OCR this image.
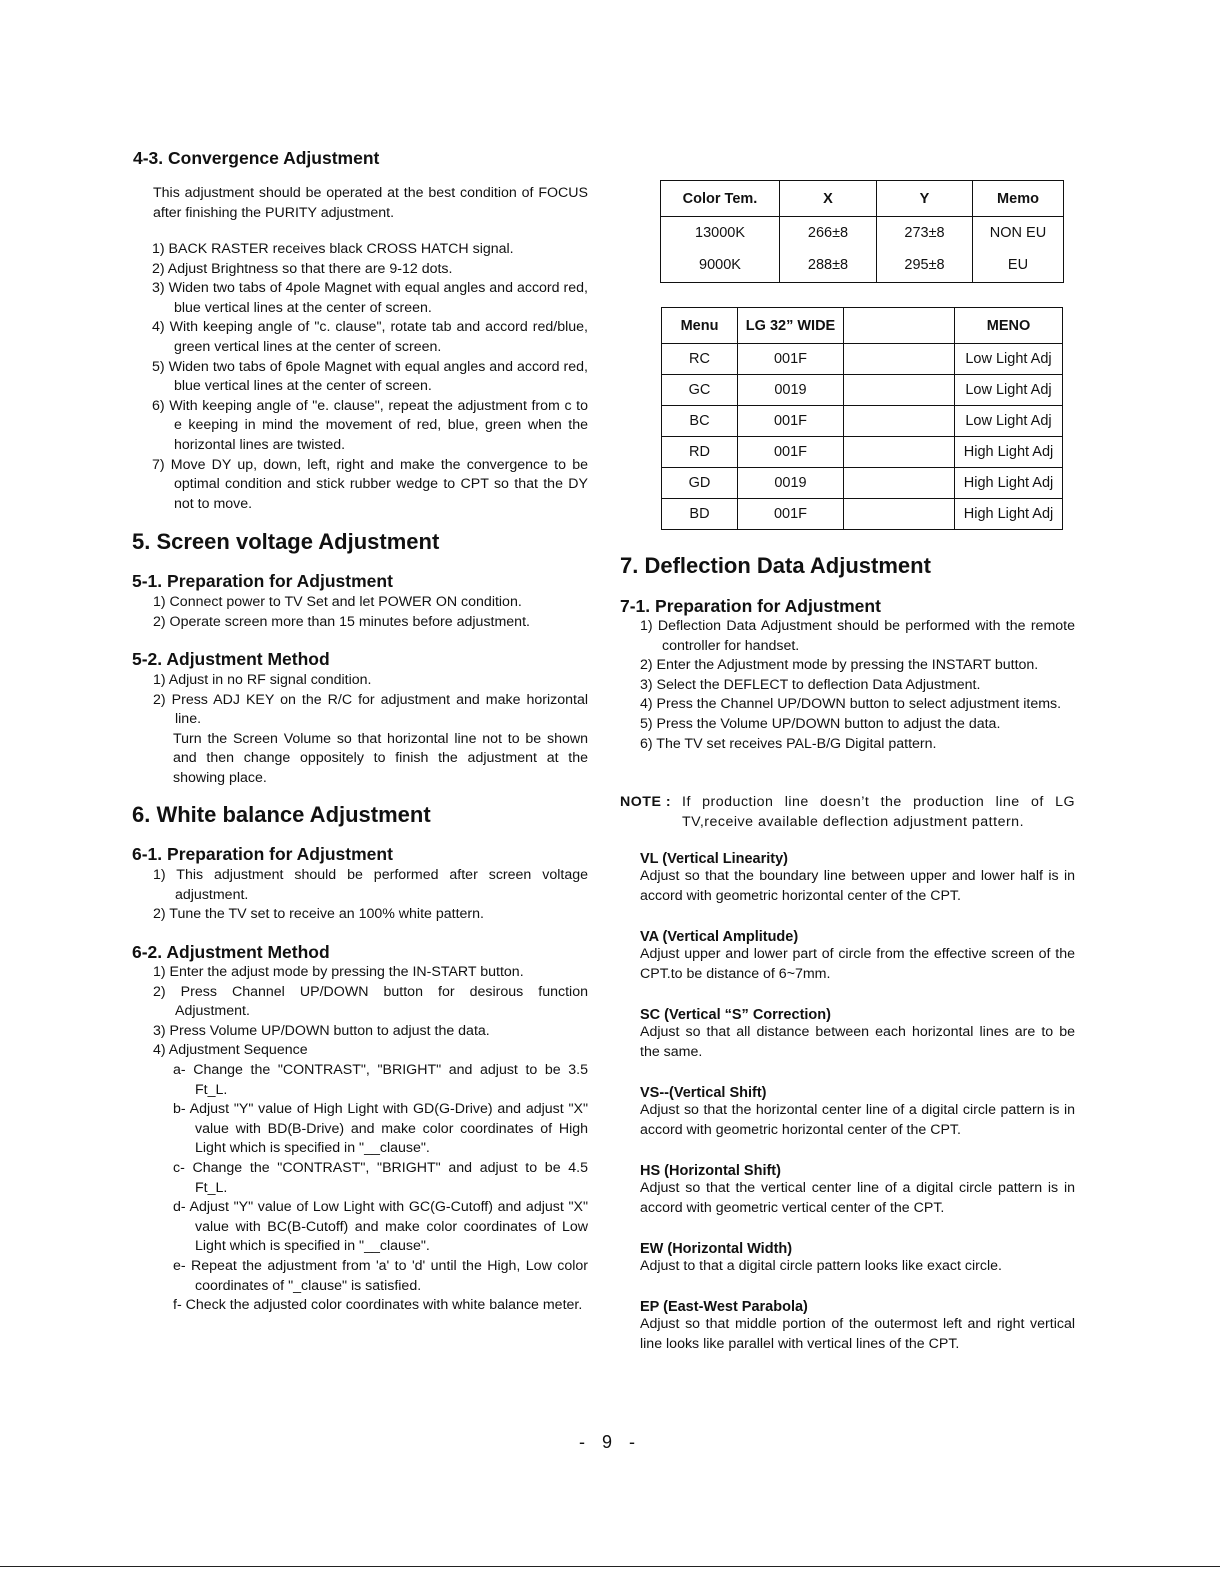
4-3. Convergence Adjustment

This adjustment should be operated at the best condition of FOCUS after finishing the PURITY adjustment.

1) BACK RASTER receives black CROSS HATCH signal.
2) Adjust Brightness so that there are 9-12 dots.
3) Widen two tabs of 4pole Magnet with equal angles and accord red, blue vertical lines at the center of screen.
4) With keeping angle of "c. clause", rotate tab and accord red/blue, green vertical lines at the center of screen.
5) Widen two tabs of 6pole Magnet with equal angles and accord red, blue vertical lines at the center of screen.
6) With keeping angle of "e. clause", repeat the adjustment from c to e keeping in mind the movement of red, blue, green when the horizontal lines are twisted.
7) Move DY up, down, left, right and make the convergence to be optimal condition and stick rubber wedge to CPT so that the DY not to move.
5. Screen voltage Adjustment
5-1. Preparation for Adjustment
1) Connect power to TV Set and let POWER ON condition.
2) Operate screen more than 15 minutes before adjustment.
5-2. Adjustment Method
1) Adjust in no RF signal condition.
2) Press ADJ KEY on the R/C for adjustment and make horizontal line.
Turn the Screen Volume so that horizontal line not to be shown and then change oppositely to finish the adjustment at the showing place.
6. White balance Adjustment
6-1. Preparation for Adjustment
1) This adjustment should be performed after screen voltage adjustment.
2) Tune the TV set to receive an 100% white pattern.
6-2. Adjustment Method
1) Enter the adjust mode by pressing the IN-START button.
2) Press Channel UP/DOWN button for desirous function Adjustment.
3) Press Volume UP/DOWN button to adjust the data.
4) Adjustment Sequence
a- Change the "CONTRAST", "BRIGHT" and adjust to be 3.5 Ft_L.
b- Adjust "Y" value of High Light with GD(G-Drive) and adjust "X" value with BD(B-Drive) and make color coordinates of High Light which is specified in "__clause".
c- Change the "CONTRAST", "BRIGHT" and adjust to be 4.5 Ft_L.
d- Adjust "Y" value of Low Light with GC(G-Cutoff) and adjust "X" value with BC(B-Cutoff) and make color coordinates of Low Light which is specified in "__clause".
e- Repeat the adjustment from 'a' to 'd' until the High, Low color coordinates of "_clause" is satisfied.
f- Check the adjusted color coordinates with white balance meter.
Color Tem.	X	Y	Memo
13000K	266±8	273±8	NON EU
9000K	288±8	295±8	EU
Menu	LG 32” WIDE		MENO
RC	001F		Low Light Adj
GC	0019		Low Light Adj
BC	001F		Low Light Adj
RD	001F		High Light Adj
GD	0019		High Light Adj
BD	001F		High Light Adj
7. Deflection Data Adjustment
7-1. Preparation for Adjustment
1) Deflection Data Adjustment should be performed with the remote controller for handset.
2) Enter the Adjustment mode by pressing the INSTART button.
3) Select the DEFLECT to deflection Data Adjustment.
4) Press the Channel UP/DOWN button to select adjustment items.
5) Press the Volume UP/DOWN button to adjust the data.
6) The TV set receives PAL-B/G Digital pattern.
NOTE : If production line doesn’t the production line of LG TV,receive available deflection adjustment pattern.
VL (Vertical Linearity)
Adjust so that the boundary line between upper and lower half is in accord with geometric horizontal center of the CPT.
VA (Vertical Amplitude)
Adjust upper and lower part of circle from the effective screen of the CPT.to be distance of 6~7mm.
SC (Vertical “S” Correction)
Adjust so that all distance between each horizontal lines are to be the same.
VS--(Vertical Shift)
Adjust so that the horizontal center line of a digital circle pattern is in accord with geometric horizontal center of the CPT.
HS (Horizontal Shift)
Adjust so that the vertical center line of a digital circle pattern is in accord with geometric vertical center of the CPT.
EW (Horizontal Width)
Adjust to that a digital circle pattern looks like exact circle.
EP (East-West Parabola)
Adjust so that middle portion of the outermost left and right vertical line looks like parallel with vertical lines of the CPT.
- 9 -
